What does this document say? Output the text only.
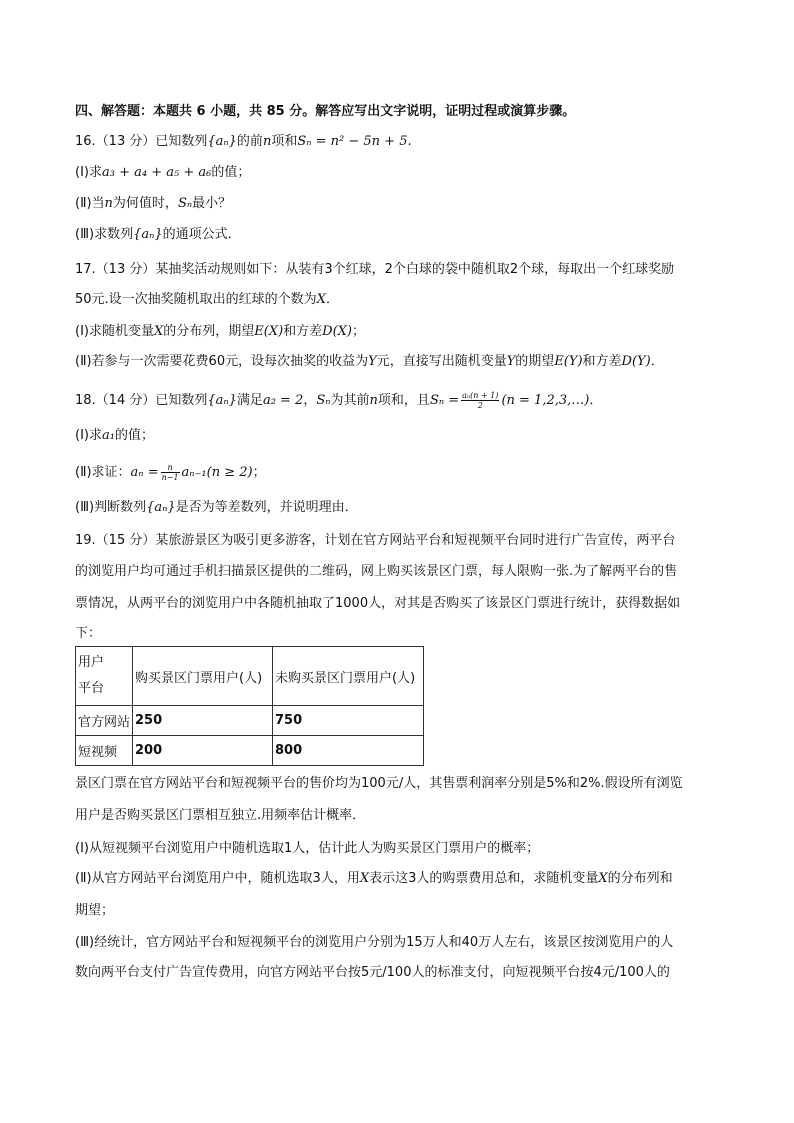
四、解答题：本题共 6 小题，共 85 分。解答应写出文字说明，证明过程或演算步骤。
16.（13 分）已知数列{aₙ}的前n项和Sₙ = n² − 5n + 5.
(Ⅰ)求a₃ + a₄ + a₅ + a₆的值；
(Ⅱ)当n为何值时，Sₙ最小？
(Ⅲ)求数列{aₙ}的通项公式．
17.（13 分）某抽奖活动规则如下：从装有3个红球，2个白球的袋中随机取2个球，每取出一个红球奖励
50元.设一次抽奖随机取出的红球的个数为X．
(Ⅰ)求随机变量X的分布列，期望E(X)和方差D(X)；
(Ⅱ)若参与一次需要花费60元，设每次抽奖的收益为Y元，直接写出随机变量Y的期望E(Y)和方差D(Y)．
18.（14 分）已知数列{aₙ}满足a₂ = 2，Sₙ为其前n项和，且$S_n = \frac{\text{aₙ(n + 1)}}{2} (n$ = 1,2,3,…)．
(Ⅰ)求a₁的值；
(Ⅱ)求证：$a_n = \frac{n}{n-1} a_{n-1}(n \ge 2)$；
(Ⅲ)判断数列{aₙ}是否为等差数列，并说明理由．
19.（15 分）某旅游景区为吸引更多游客，计划在官方网站平台和短视频平台同时进行广告宣传，两平台
的浏览用户均可通过手机扫描景区提供的二维码，网上购买该景区门票，每人限购一张.为了解两平台的售
票情况，从两平台的浏览用户中各随机抽取了1000人，对其是否购买了该景区门票进行统计，获得数据如
下：
用户
平台	购买景区门票用户(人)	未购买景区门票用户(人)
官方网站	250	750
短视频	200	800
景区门票在官方网站平台和短视频平台的售价均为100元/人，其售票利润率分别是5%和2%.假设所有浏览
用户是否购买景区门票相互独立.用频率估计概率．
(Ⅰ)从短视频平台浏览用户中随机选取1人，估计此人为购买景区门票用户的概率；
(Ⅱ)从官方网站平台浏览用户中，随机选取3人，用X表示这3人的购票费用总和，求随机变量X的分布列和
期望；
(Ⅲ)经统计，官方网站平台和短视频平台的浏览用户分别为15万人和40万人左右，该景区按浏览用户的人
数向两平台支付广告宣传费用，向官方网站平台按5元/100人的标准支付，向短视频平台按4元/100人的
